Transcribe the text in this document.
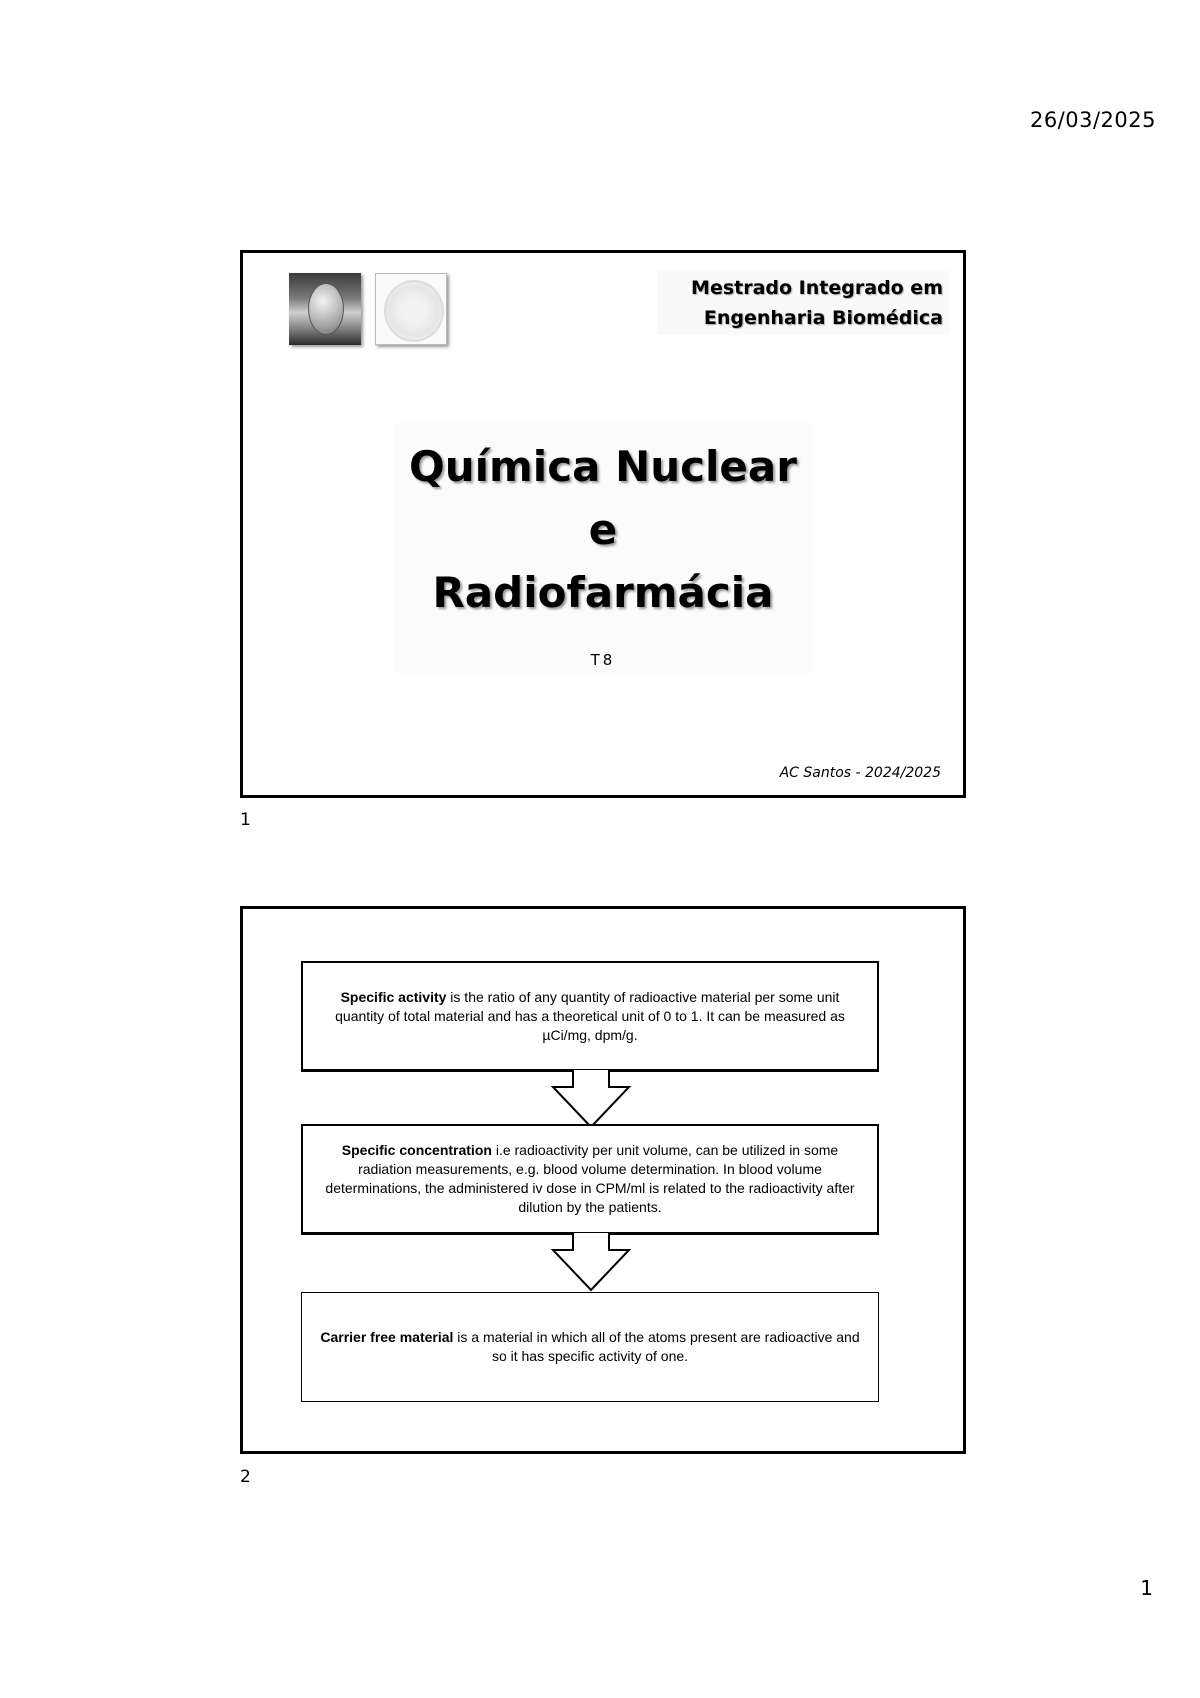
26/03/2025
Mestrado Integrado em
Engenharia Biomédica
Química Nuclear
e
Radiofarmácia
T8
AC Santos - 2024/2025
1

Specific activity is the ratio of any quantity of radioactive material per some unit quantity of total material and has a theoretical unit of 0 to 1. It can be measured as µCi/mg, dpm/g.

Specific concentration i.e radioactivity per unit volume, can be utilized in some radiation measurements, e.g. blood volume determination. In blood volume determinations, the administered iv dose in CPM/ml is related to the radioactivity after dilution by the patients.

Carrier free material is a material in which all of the atoms present are radioactive and so it has specific activity of one.

2
1
